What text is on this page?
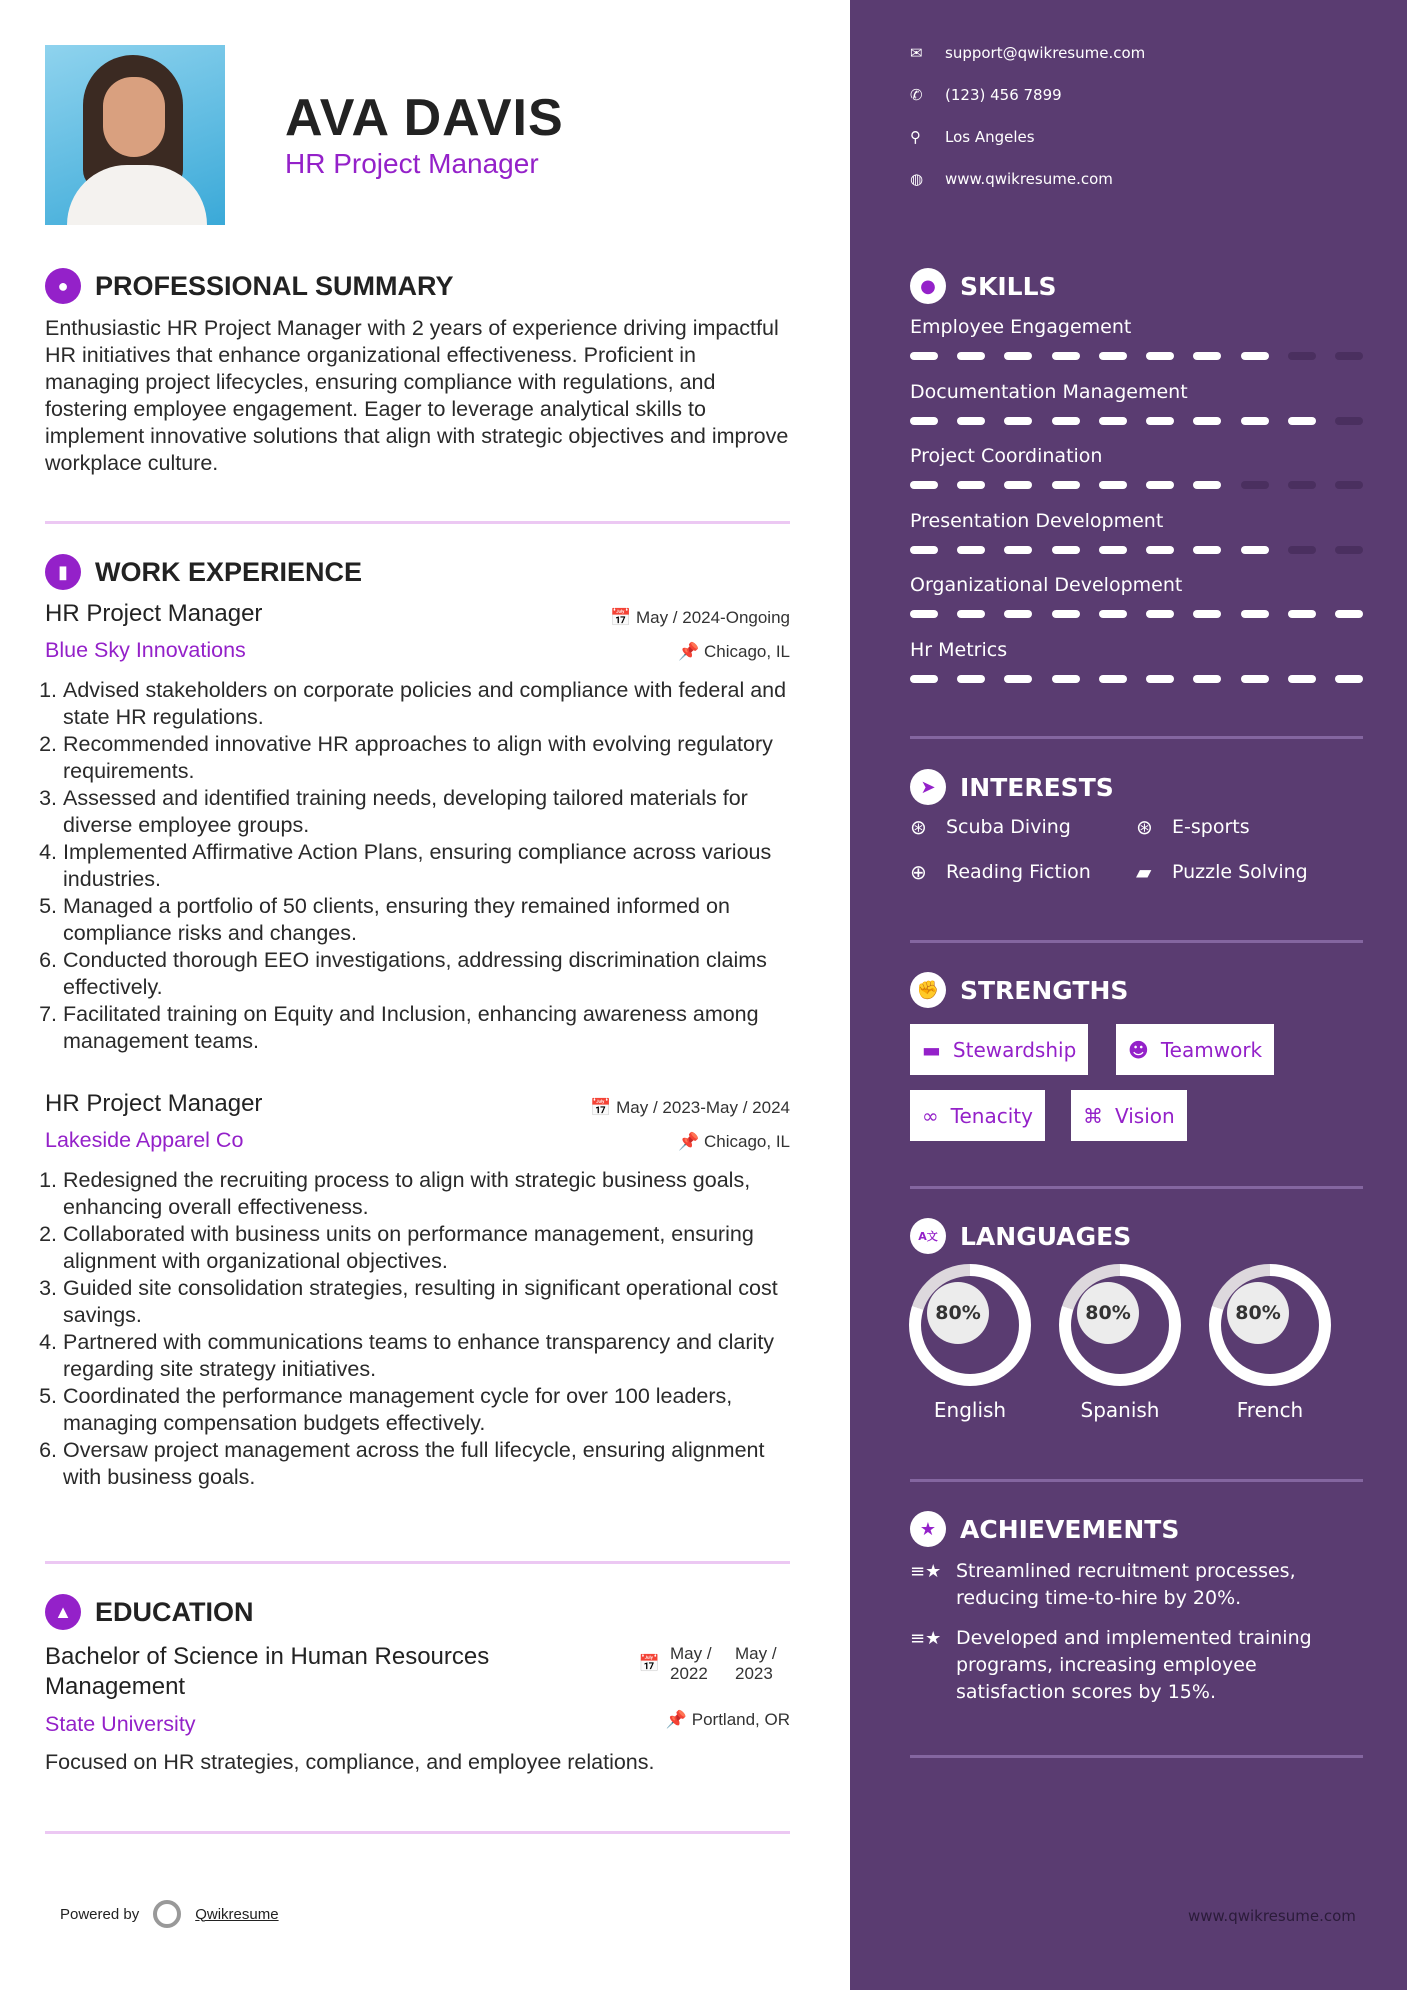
AVA DAVIS
HR Project Manager
● PROFESSIONAL SUMMARY
Enthusiastic HR Project Manager with 2 years of experience driving impactful HR initiatives that enhance organizational effectiveness. Proficient in managing project lifecycles, ensuring compliance with regulations, and fostering employee engagement. Eager to leverage analytical skills to implement innovative solutions that align with strategic objectives and improve workplace culture.
▮	WORK EXPERIENCE
HR Project Manager	📅 May / 2024-Ongoing
📌 Chicago, IL
Blue Sky Innovations
1. Advised stakeholders on corporate policies and compliance with federal and state HR regulations.
2. Recommended innovative HR approaches to align with evolving regulatory requirements.
3. Assessed and identified training needs, developing tailored materials for diverse employee groups.
4. Implemented Affirmative Action Plans, ensuring compliance across various industries.
5. Managed a portfolio of 50 clients, ensuring they remained informed on compliance risks and changes.
6. Conducted thorough EEO investigations, addressing discrimination claims effectively.
7. Facilitated training on Equity and Inclusion, enhancing awareness among management teams.
HR Project Manager	📅 May / 2023-May / 2024
📌 Chicago, IL
Lakeside Apparel Co
1. Redesigned the recruiting process to align with strategic business goals, enhancing overall effectiveness.
2. Collaborated with business units on performance management, ensuring alignment with organizational objectives.
3. Guided site consolidation strategies, resulting in significant operational cost savings.
4. Partnered with communications teams to enhance transparency and clarity regarding site strategy initiatives.
5. Coordinated the performance management cycle for over 100 leaders, managing compensation budgets effectively.
6. Oversaw project management across the full lifecycle, ensuring alignment with business goals.
▲ EDUCATION
Bachelor of Science in Human Resources Management
📅
May / 2022
May / 2023
📌 Portland, OR
State University
Focused on HR strategies, compliance, and employee relations.
Powered by	Qwikresume
✉	support@qwikresume.com
✆	(123) 456 7899
⚲	Los Angeles
◍	www.qwikresume.com
● SKILLS
Employee Engagement
Documentation Management
Project Coordination
Presentation Development
Organizational Development
Hr Metrics
➤ INTERESTS
⊛	Scuba Diving	⊛	E-sports
⊕	Reading Fiction ▰	Puzzle Solving
✊ STRENGTHS
▬ Stewardship	☻ Teamwork
∞ Tenacity	⌘ Vision
A文 LANGUAGES
80%
English
80%
Spanish
80%
French
★ ACHIEVEMENTS
≡★ Streamlined recruitment processes, reducing time-to-hire by 20%.
≡★ Developed and implemented training programs, increasing employee satisfaction scores by 15%.
www.qwikresume.com
